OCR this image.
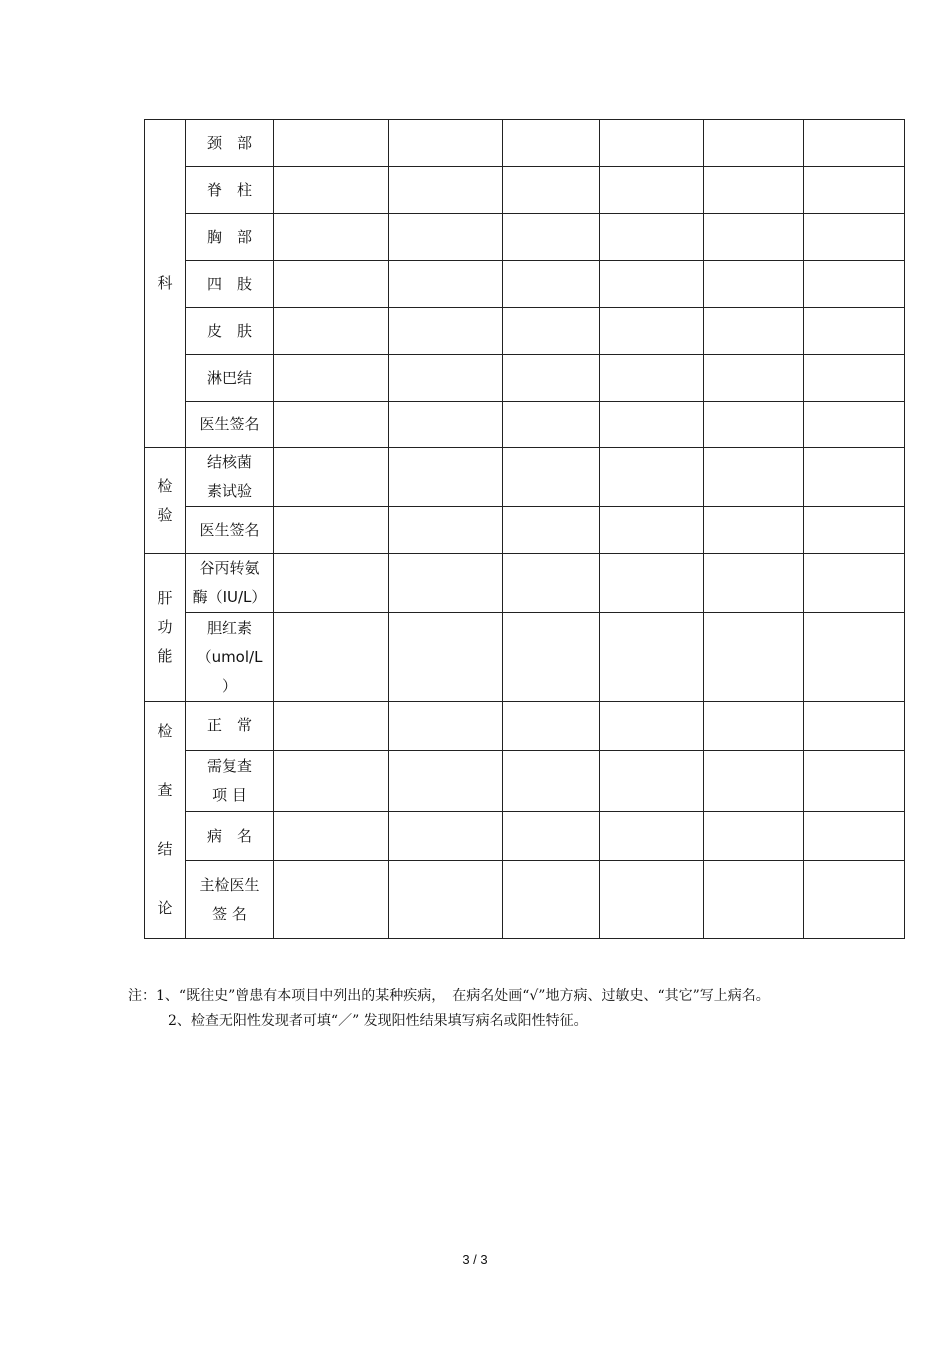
科	颈　部						

	脊　柱						

	胸　部						

	四　肢						

	皮　肤						

	淋巴结						

	医生签名						

检
验	结核菌
素试验						

	医生签名						

肝
功
能	谷丙转氨
酶（IU/L）						

	胆红素
（umol/L
）						

检
查
结
论	正　常						

	需复查
项 目						

	病　名						

	主检医生
签 名						

注：1、“既往史”曾患有本项目中列出的某种疾病，　在病名处画“√”地方病、过敏史、“其它”写上病名。
2、检查无阳性发现者可填“／” 发现阳性结果填写病名或阳性特征。
3 / 3
